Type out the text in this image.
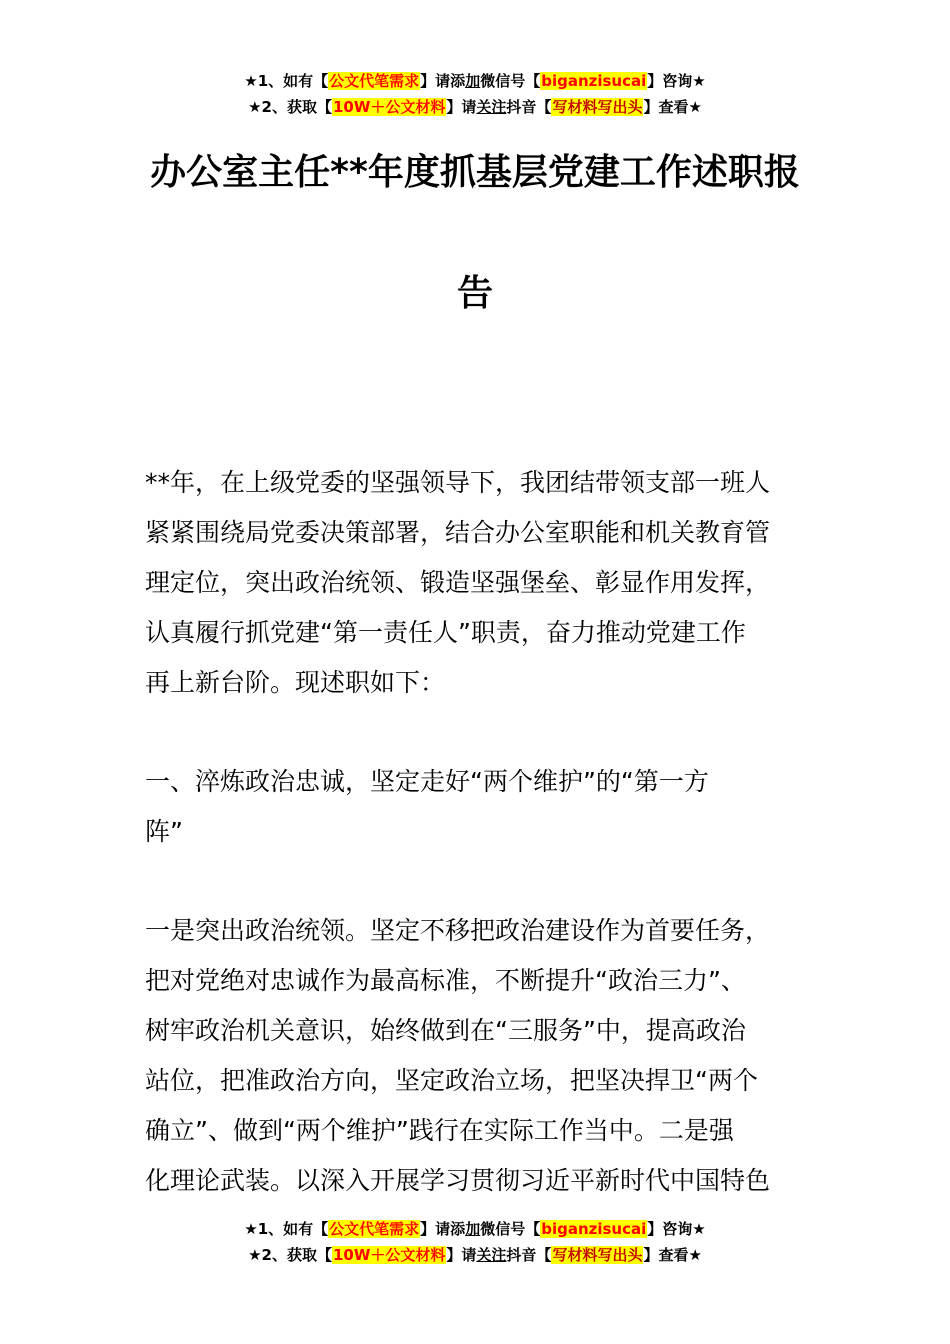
★1、如有【公文代笔需求】请添加微信号【biganzisucai】咨询★
★2、获取【10W＋公文材料】请关注抖音【写材料写出头】查看★
办公室主任**年度抓基层党建工作述职报
告
**年，在上级党委的坚强领导下，我团结带领支部一班人
紧紧围绕局党委决策部署，结合办公室职能和机关教育管
理定位，突出政治统领、锻造坚强堡垒、彰显作用发挥，
认真履行抓党建“第一责任人”职责，奋力推动党建工作
再上新台阶。现述职如下：
一、淬炼政治忠诚，坚定走好“两个维护”的“第一方
阵”
一是突出政治统领。坚定不移把政治建设作为首要任务，
把对党绝对忠诚作为最高标准，不断提升“政治三力”、
树牢政治机关意识，始终做到在“三服务”中，提高政治
站位，把准政治方向，坚定政治立场，把坚决捍卫“两个
确立”、做到“两个维护”践行在实际工作当中。二是强
化理论武装。以深入开展学习贯彻习近平新时代中国特色
★1、如有【公文代笔需求】请添加微信号【biganzisucai】咨询★
★2、获取【10W＋公文材料】请关注抖音【写材料写出头】查看★
